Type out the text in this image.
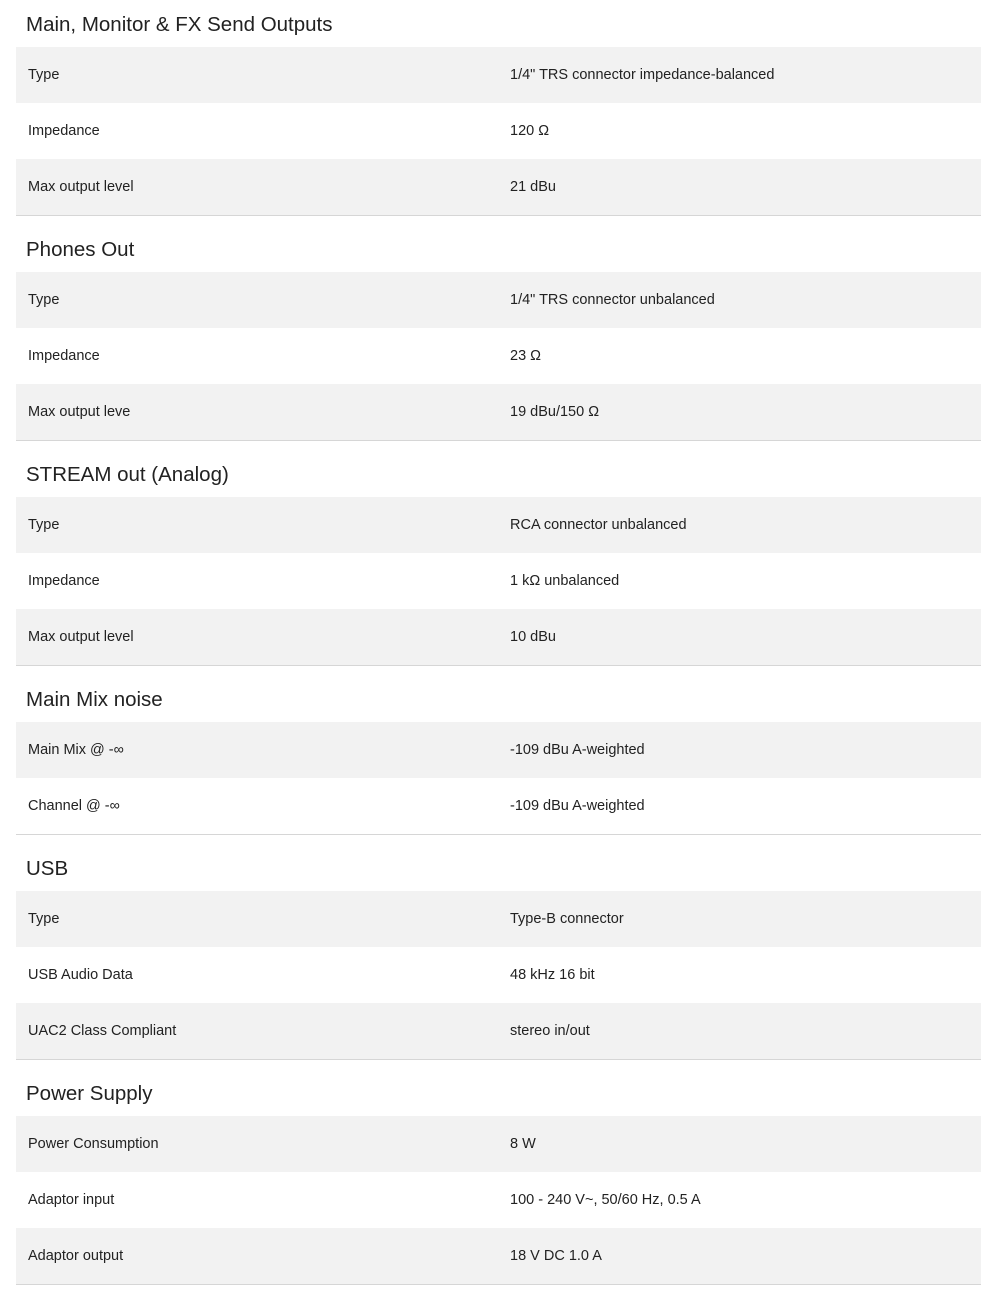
Main, Monitor & FX Send Outputs
Type	1/4" TRS connector impedance-balanced
Impedance	120 Ω
Max output level	21 dBu
Phones Out
Type	1/4" TRS connector unbalanced
Impedance	23 Ω
Max output leve	19 dBu/150 Ω
STREAM out (Analog)
Type	RCA connector unbalanced
Impedance	1 kΩ unbalanced
Max output level	10 dBu
Main Mix noise
Main Mix @ -∞	-109 dBu A-weighted
Channel @ -∞	-109 dBu A-weighted
USB
Type	Type-B connector
USB Audio Data	48 kHz 16 bit
UAC2 Class Compliant	stereo in/out
Power Supply
Power Consumption	8 W
Adaptor input	100 - 240 V~, 50/60 Hz, 0.5 A
Adaptor output	18 V DC 1.0 A
